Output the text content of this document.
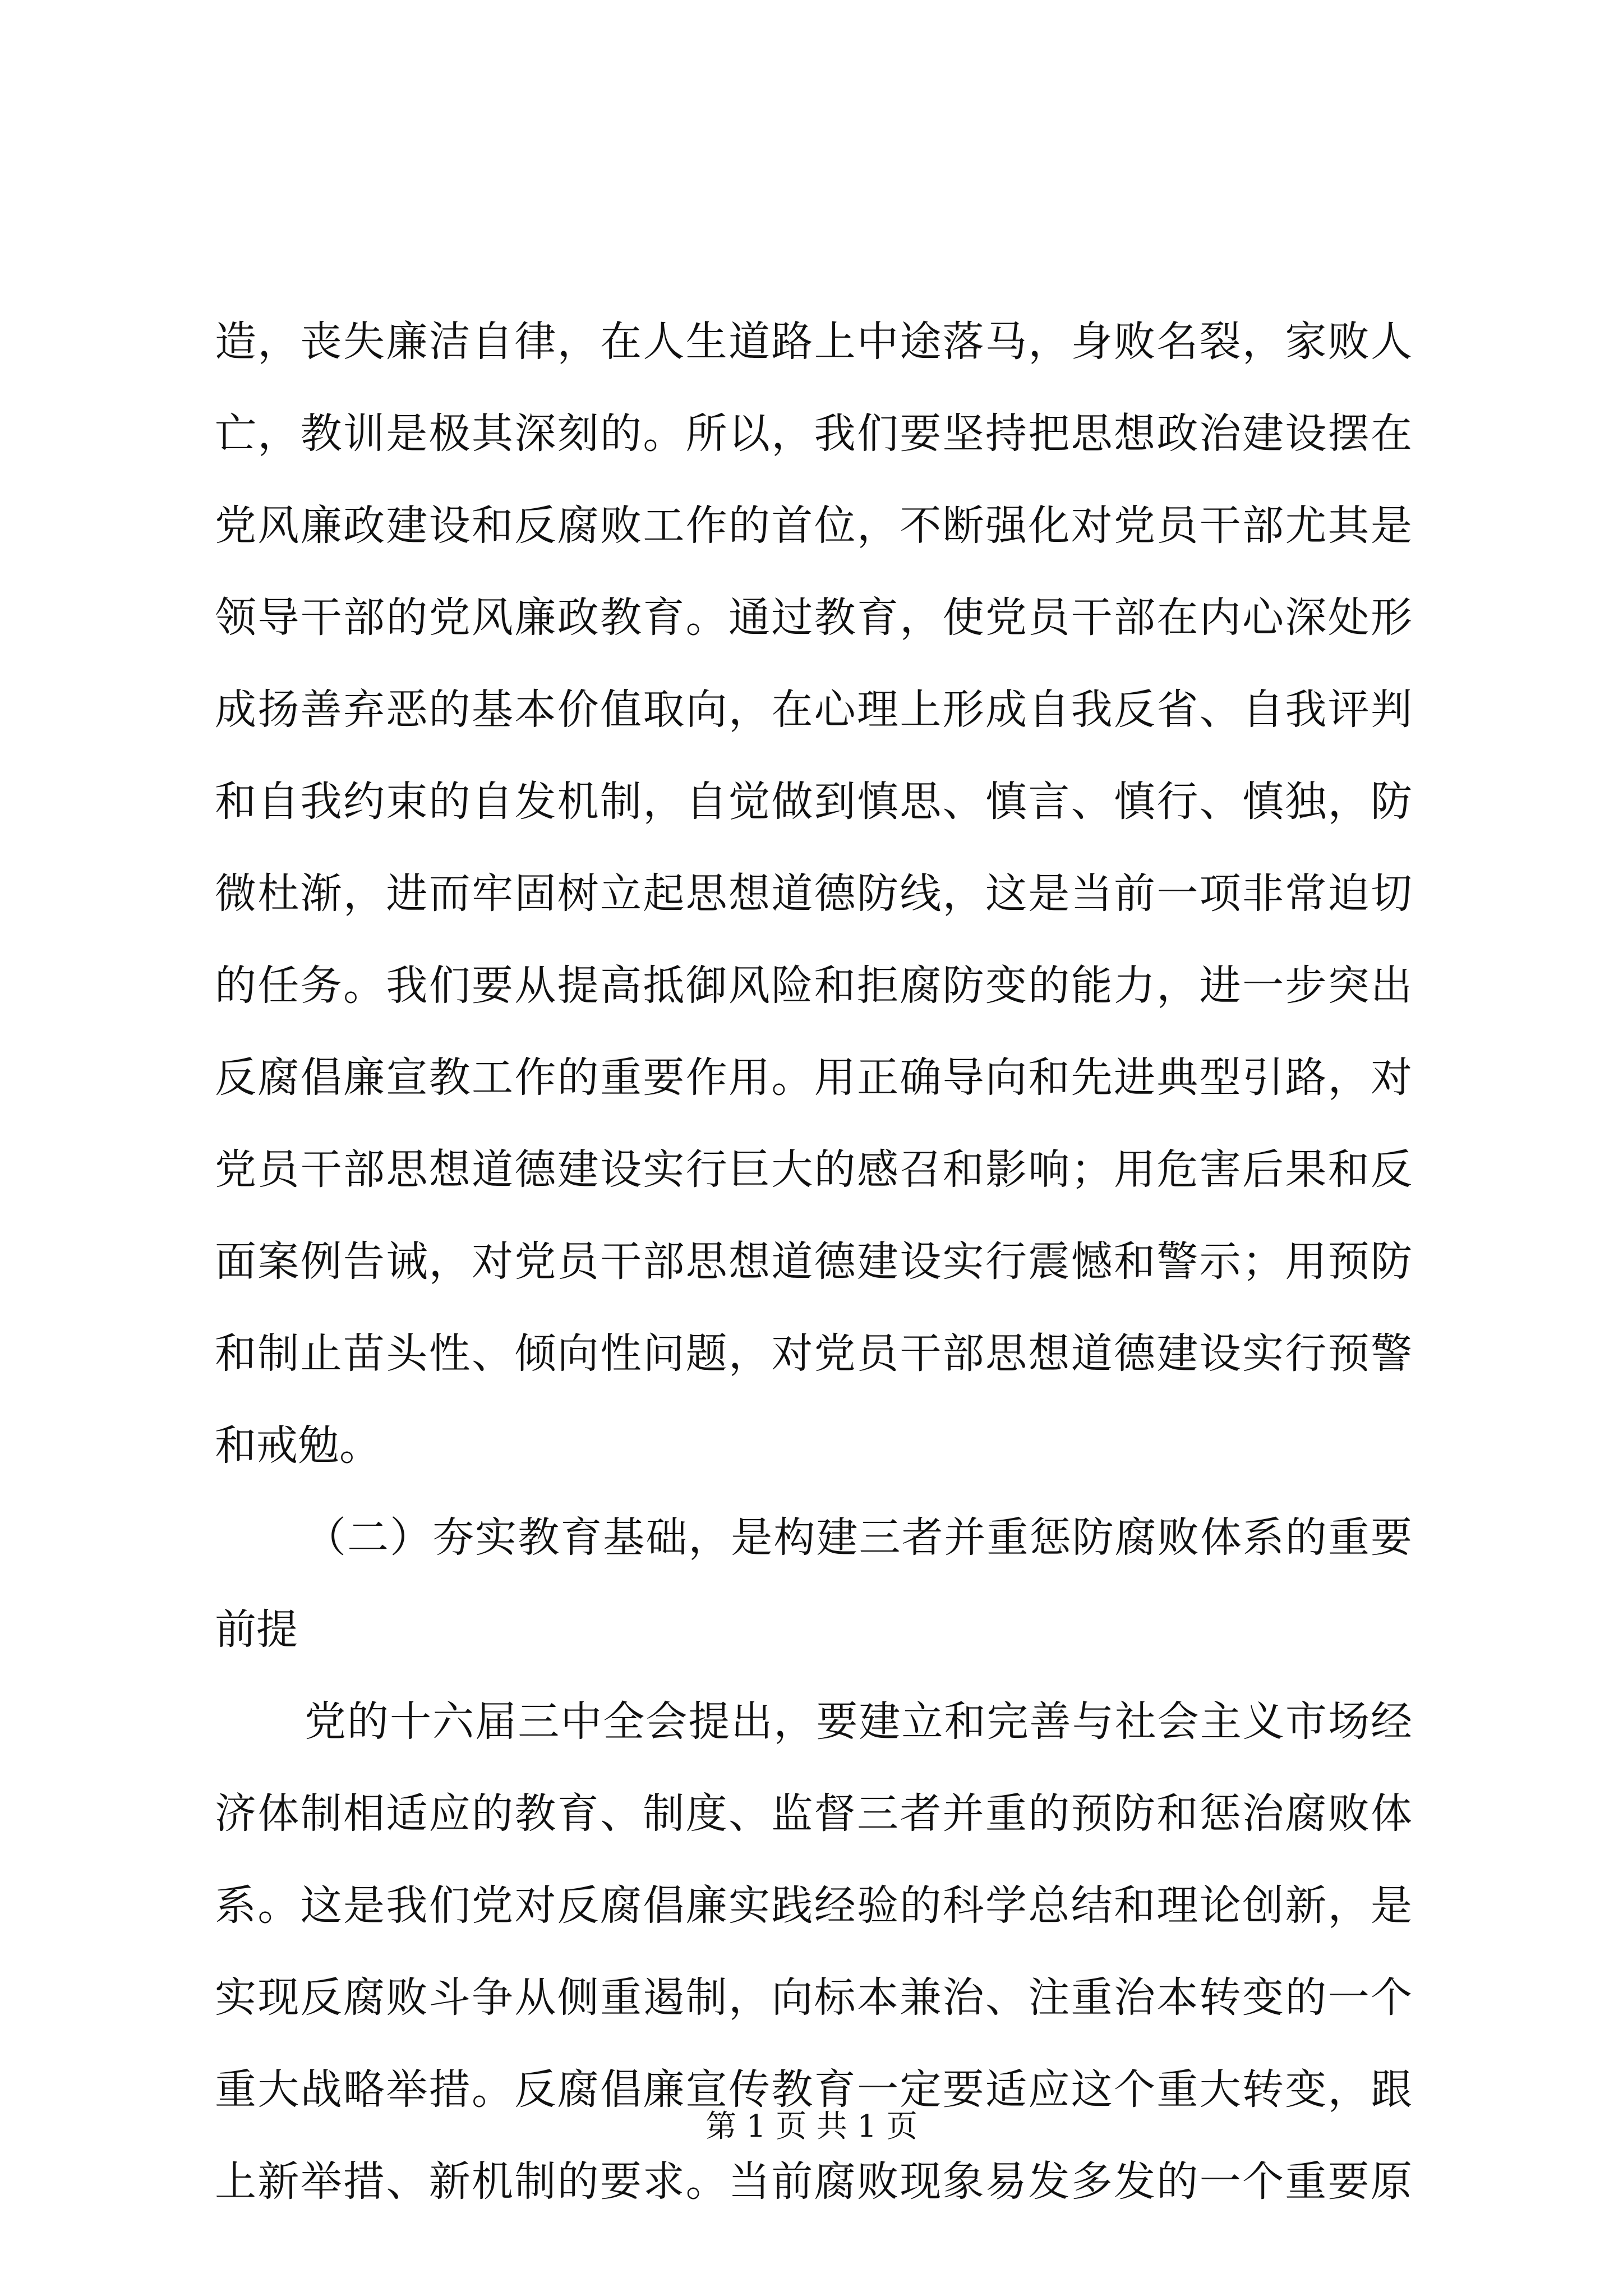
造，丧失廉洁自律，在人生道路上中途落马，身败名裂，家败人
亡，教训是极其深刻的。所以，我们要坚持把思想政治建设摆在
党风廉政建设和反腐败工作的首位，不断强化对党员干部尤其是
领导干部的党风廉政教育。通过教育，使党员干部在内心深处形
成扬善弃恶的基本价值取向，在心理上形成自我反省、自我评判
和自我约束的自发机制，自觉做到慎思、慎言、慎行、慎独，防
微杜渐，进而牢固树立起思想道德防线，这是当前一项非常迫切
的任务。我们要从提高抵御风险和拒腐防变的能力，进一步突出
反腐倡廉宣教工作的重要作用。用正确导向和先进典型引路，对
党员干部思想道德建设实行巨大的感召和影响；用危害后果和反
面案例告诫，对党员干部思想道德建设实行震憾和警示；用预防
和制止苗头性、倾向性问题，对党员干部思想道德建设实行预警
和戒勉。
（二）夯实教育基础，是构建三者并重惩防腐败体系的重要
前提
党的十六届三中全会提出，要建立和完善与社会主义市场经
济体制相适应的教育、制度、监督三者并重的预防和惩治腐败体
系。这是我们党对反腐倡廉实践经验的科学总结和理论创新，是
实现反腐败斗争从侧重遏制，向标本兼治、注重治本转变的一个
重大战略举措。反腐倡廉宣传教育一定要适应这个重大转变，跟
上新举措、新机制的要求。当前腐败现象易发多发的一个重要原
第 1 页 共 1 页
